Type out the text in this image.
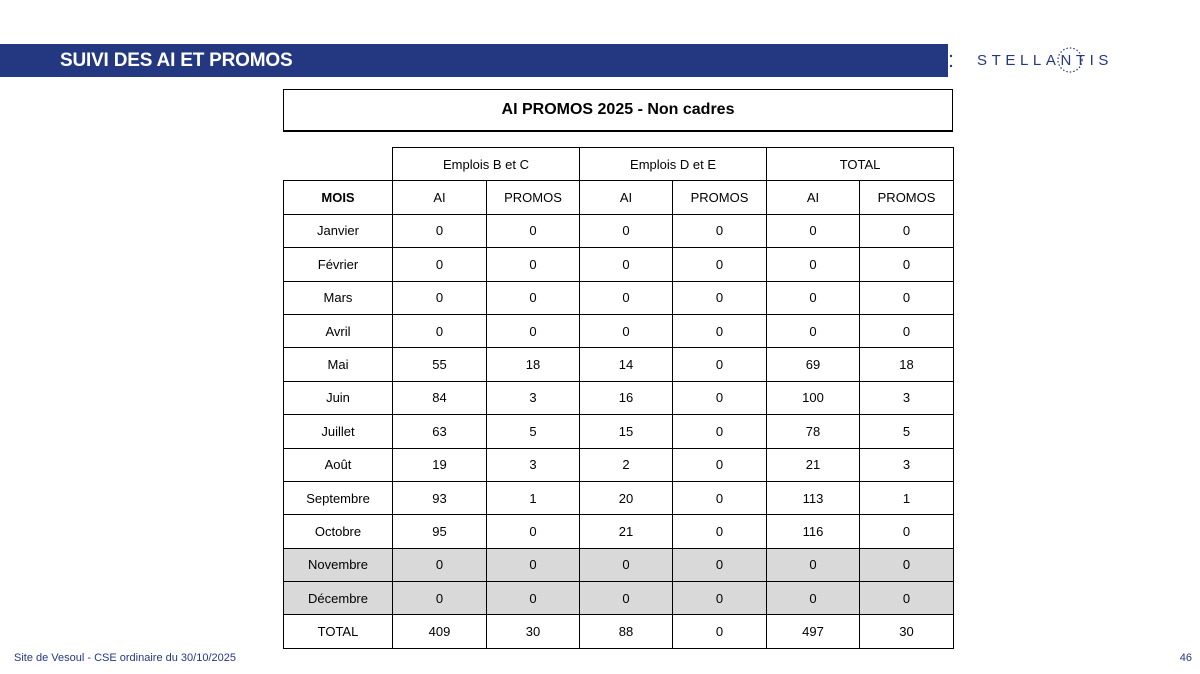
SUIVI DES AI ET PROMOS	STELLANTIS
AI PROMOS 2025 - Non cadres
	Emplois B et C		Emplois D et E		TOTAL	
MOIS	AI	PROMOS	AI	PROMOS	AI	PROMOS
Janvier	0	0	0	0	0	0
Février	0	0	0	0	0	0
Mars	0	0	0	0	0	0
Avril	0	0	0	0	0	0
Mai	55	18	14	0	69	18
Juin	84	3	16	0	100	3
Juillet	63	5	15	0	78	5
Août	19	3	2	0	21	3
Septembre	93	1	20	0	113	1
Octobre	95	0	21	0	116	0
Novembre	0	0	0	0	0	0
Décembre	0	0	0	0	0	0
TOTAL	409	30	88	0	497	30
Site de Vesoul - CSE ordinaire du 30/10/2025	46
